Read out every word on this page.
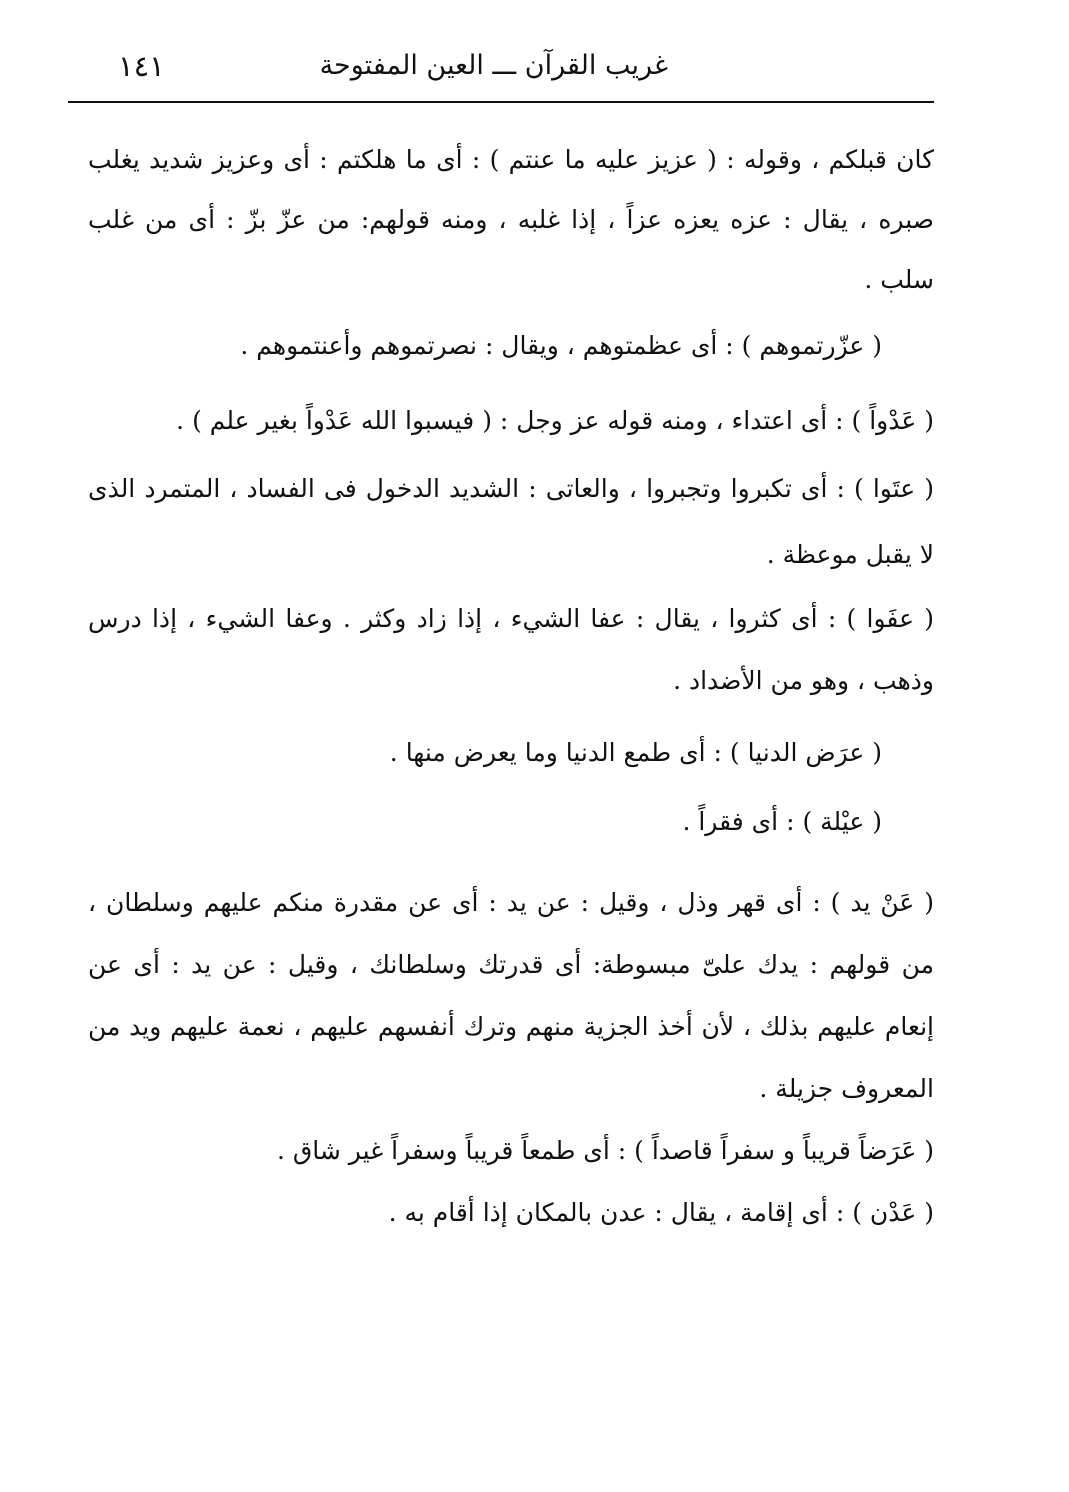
غريب القرآن ـــ العين المفتوحة
١٤١

كان قبلكم ، وقوله : ( عزيز عليه ما عنتم ) : أى ما هلكتم : أى وعزيز شديد يغلب صبره ، يقال : عزه يعزه عزاً ، إذا غلبه ، ومنه قولهم: من عزّ بزّ : أى من غلب سلب .

( عزّرتموهم ) : أى عظمتوهم ، ويقال : نصرتموهم وأعنتموهم .

( عَدْواً ) : أى اعتداء ، ومنه قوله عز وجل : ( فيسبوا الله عَدْواً بغير علم ) .

( عتَوا ) : أى تكبروا وتجبروا ، والعاتى : الشديد الدخول فى الفساد ، المتمرد الذى لا يقبل موعظة .

( عفَوا ) : أى كثروا ، يقال : عفا الشيء ، إذا زاد وكثر . وعفا الشيء ، إذا درس وذهب ، وهو من الأضداد .

( عرَض الدنيا ) : أى طمع الدنيا وما يعرض منها .

( عيْلة ) : أى فقراً .

( عَنْ يد ) : أى قهر وذل ، وقيل : عن يد : أى عن مقدرة منكم عليهم وسلطان ، من قولهم : يدك علىّ مبسوطة: أى قدرتك وسلطانك ، وقيل : عن يد : أى عن إنعام عليهم بذلك ، لأن أخذ الجزية منهم وترك أنفسهم عليهم ، نعمة عليهم ويد من المعروف جزيلة .

( عَرَضاً قريباً و سفراً قاصداً ) : أى طمعاً قريباً وسفراً غير شاق .

( عَدْن ) : أى إقامة ، يقال : عدن بالمكان إذا أقام به .
